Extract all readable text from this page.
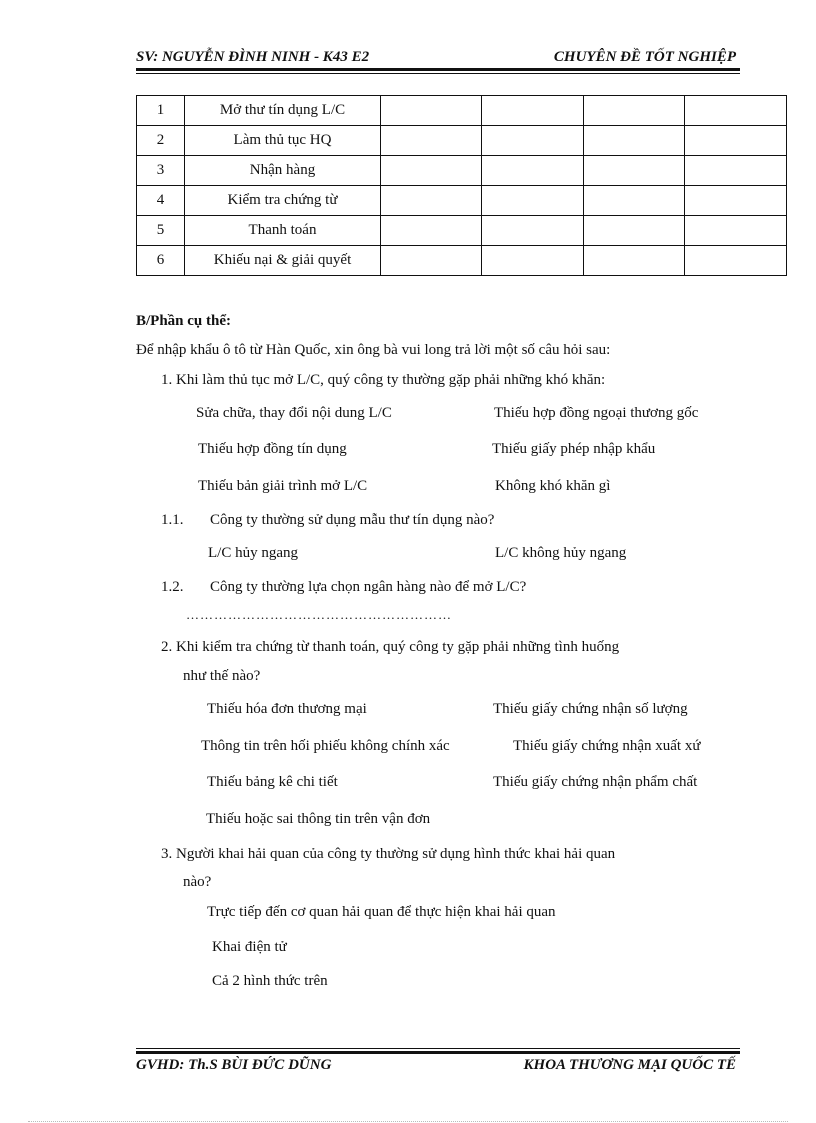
SV: NGUYỄN ĐÌNH NINH - K43 E2	CHUYÊN ĐỀ TỐT NGHIỆP
1	Mở thư tín dụng L/C				
2	Làm thủ tục HQ				
3	Nhận hàng				
4	Kiểm tra chứng từ				
5	Thanh toán				
6	Khiếu nại & giải quyết				
B/Phần cụ thể:
Để nhập khẩu ô tô từ Hàn Quốc, xin ông bà vui long trả lời một số câu hỏi sau:
1. Khi làm thủ tục mở L/C, quý công ty thường gặp phải những khó khăn:
Sửa chữa, thay đổi nội dung L/C	Thiếu hợp đồng ngoại thương gốc
Thiếu hợp đồng tín dụng	Thiếu giấy phép nhập khẩu
Thiếu bản giải trình mở L/C	Không khó khăn gì
1.1. Công ty thường sử dụng mẫu thư tín dụng nào?
L/C hủy ngang	L/C không hủy ngang
1.2. Công ty thường lựa chọn ngân hàng nào để mở L/C?
…………………………………………………
2. Khi kiểm tra chứng từ thanh toán, quý công ty gặp phải những tình huống
như thế nào?
Thiếu hóa đơn thương mại	Thiếu giấy chứng nhận số lượng
Thông tin trên hối phiếu không chính xác	Thiếu giấy chứng nhận xuất xứ
Thiếu bảng kê chi tiết	Thiếu giấy chứng nhận phẩm chất
Thiếu hoặc sai thông tin trên vận đơn
3. Người khai hải quan của công ty thường sử dụng hình thức khai hải quan
nào?
Trực tiếp đến cơ quan hải quan để thực hiện khai hải quan
Khai điện tử
Cả 2 hình thức trên
GVHD: Th.S BÙI ĐỨC DŨNG	KHOA THƯƠNG MẠI QUỐC TẾ
